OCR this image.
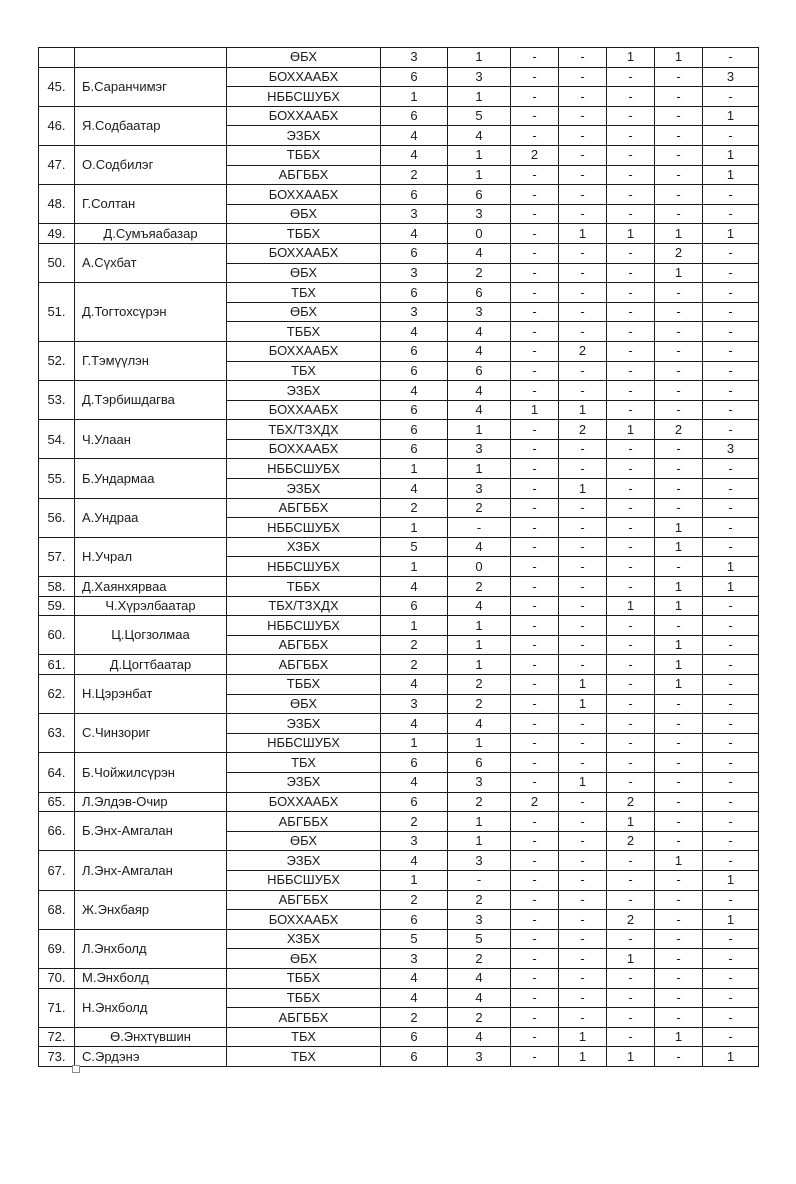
		ӨБХ	3	1	-	-	1	1	-
45.	Б.Саранчимэг	БОХХААБХ	6	3	-	-	-	-	3
		НББСШУБХ	1	1	-	-	-	-	-
46.	Я.Содбаатар	БОХХААБХ	6	5	-	-	-	-	1
		ЭЗБХ	4	4	-	-	-	-	-
47.	О.Содбилэг	ТББХ	4	1	2	-	-	-	1
		АБГББХ	2	1	-	-	-	-	1
48.	Г.Солтан	БОХХААБХ	6	6	-	-	-	-	-
		ӨБХ	3	3	-	-	-	-	-
49.	Д.Сумъяабазар	ТББХ	4	0	-	1	1	1	1
50.	А.Сүхбат	БОХХААБХ	6	4	-	-	-	2	-
		ӨБХ	3	2	-	-	-	1	-
51.	Д.Тогтохсүрэн	ТБХ	6	6	-	-	-	-	-
		ӨБХ	3	3	-	-	-	-	-
		ТББХ	4	4	-	-	-	-	-
52.	Г.Тэмүүлэн	БОХХААБХ	6	4	-	2	-	-	-
		ТБХ	6	6	-	-	-	-	-
53.	Д.Тэрбишдагва	ЭЗБХ	4	4	-	-	-	-	-
		БОХХААБХ	6	4	1	1	-	-	-
54.	Ч.Улаан	ТБХ/ТЗХДХ	6	1	-	2	1	2	-
		БОХХААБХ	6	3	-	-	-	-	3
55.	Б.Ундармаа	НББСШУБХ	1	1	-	-	-	-	-
		ЭЗБХ	4	3	-	1	-	-	-
56.	А.Ундраа	АБГББХ	2	2	-	-	-	-	-
		НББСШУБХ	1	-	-	-	-	1	-
57.	Н.Учрал	ХЗБХ	5	4	-	-	-	1	-
		НББСШУБХ	1	0	-	-	-	-	1
58.	Д.Хаянхярваа	ТББХ	4	2	-	-	-	1	1
59.	Ч.Хүрэлбаатар	ТБХ/ТЗХДХ	6	4	-	-	1	1	-
60.	Ц.Цогзолмаа	НББСШУБХ	1	1	-	-	-	-	-
		АБГББХ	2	1	-	-	-	1	-
61.	Д.Цогтбаатар	АБГББХ	2	1	-	-	-	1	-
62.	Н.Цэрэнбат	ТББХ	4	2	-	1	-	1	-
		ӨБХ	3	2	-	1	-	-	-
63.	С.Чинзориг	ЭЗБХ	4	4	-	-	-	-	-
		НББСШУБХ	1	1	-	-	-	-	-
64.	Б.Чойжилсүрэн	ТБХ	6	6	-	-	-	-	-
		ЭЗБХ	4	3	-	1	-	-	-
65.	Л.Элдэв-Очир	БОХХААБХ	6	2	2	-	2	-	-
66.	Б.Энх-Амгалан	АБГББХ	2	1	-	-	1	-	-
		ӨБХ	3	1	-	-	2	-	-
67.	Л.Энх-Амгалан	ЭЗБХ	4	3	-	-	-	1	-
		НББСШУБХ	1	-	-	-	-	-	1
68.	Ж.Энхбаяр	АБГББХ	2	2	-	-	-	-	-
		БОХХААБХ	6	3	-	-	2	-	1
69.	Л.Энхболд	ХЗБХ	5	5	-	-	-	-	-
		ӨБХ	3	2	-	-	1	-	-
70.	М.Энхболд	ТББХ	4	4	-	-	-	-	-
71.	Н.Энхболд	ТББХ	4	4	-	-	-	-	-
		АБГББХ	2	2	-	-	-	-	-
72.	Ө.Энхтүвшин	ТБХ	6	4	-	1	-	1	-
73.	С.Эрдэнэ	ТБХ	6	3	-	1	1	-	1
